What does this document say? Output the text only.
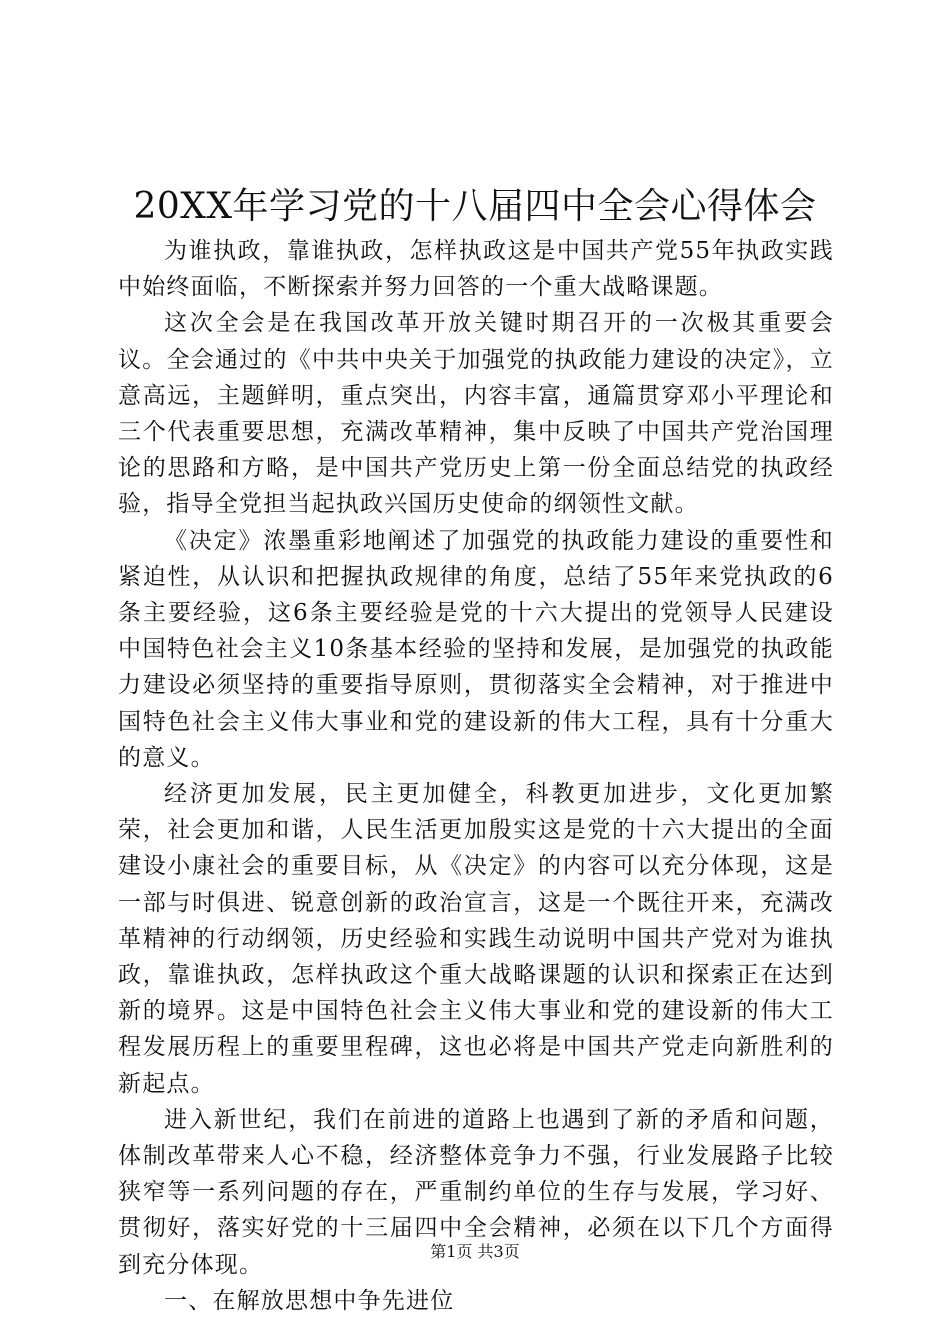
20XX年学习党的十八届四中全会心得体会

为谁执政，靠谁执政，怎样执政这是中国共产党55年执政实践中始终面临，不断探索并努力回答的一个重大战略课题。

这次全会是在我国改革开放关键时期召开的一次极其重要会议。全会通过的《中共中央关于加强党的执政能力建设的决定》，立意高远，主题鲜明，重点突出，内容丰富，通篇贯穿邓小平理论和三个代表重要思想，充满改革精神，集中反映了中国共产党治国理论的思路和方略，是中国共产党历史上第一份全面总结党的执政经验，指导全党担当起执政兴国历史使命的纲领性文献。

《决定》浓墨重彩地阐述了加强党的执政能力建设的重要性和紧迫性，从认识和把握执政规律的角度，总结了55年来党执政的6条主要经验，这6条主要经验是党的十六大提出的党领导人民建设中国特色社会主义10条基本经验的坚持和发展，是加强党的执政能力建设必须坚持的重要指导原则，贯彻落实全会精神，对于推进中国特色社会主义伟大事业和党的建设新的伟大工程，具有十分重大的意义。

经济更加发展，民主更加健全，科教更加进步，文化更加繁荣，社会更加和谐，人民生活更加殷实这是党的十六大提出的全面建设小康社会的重要目标，从《决定》的内容可以充分体现，这是一部与时俱进、锐意创新的政治宣言，这是一个既往开来，充满改革精神的行动纲领，历史经验和实践生动说明中国共产党对为谁执政，靠谁执政，怎样执政这个重大战略课题的认识和探索正在达到新的境界。这是中国特色社会主义伟大事业和党的建设新的伟大工程发展历程上的重要里程碑，这也必将是中国共产党走向新胜利的新起点。

进入新世纪，我们在前进的道路上也遇到了新的矛盾和问题，体制改革带来人心不稳，经济整体竞争力不强，行业发展路子比较狭窄等一系列问题的存在，严重制约单位的生存与发展，学习好、贯彻好，落实好党的十三届四中全会精神，必须在以下几个方面得到充分体现。

一、在解放思想中争先进位

第1页 共3页
